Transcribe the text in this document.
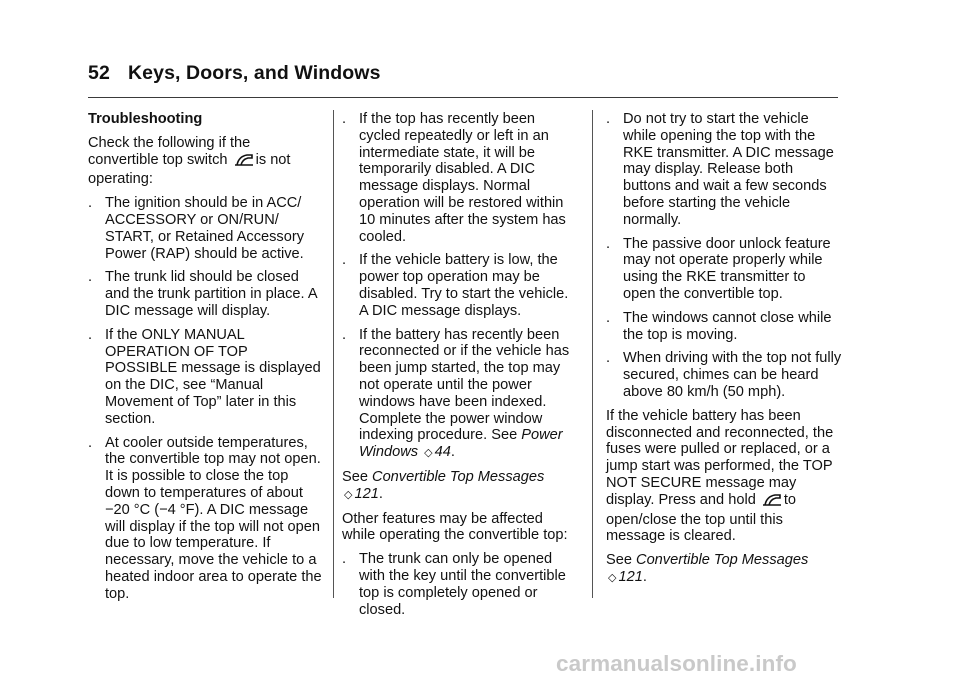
52 Keys, Doors, and Windows
Troubleshooting

Check the following if the
convertible top switch is not
operating:

. The ignition should be in ACC/ ACCESSORY or ON/RUN/ START, or Retained Accessory Power (RAP) should be active.
. The trunk lid should be closed and the trunk partition in place. A DIC message will display.
. If the ONLY MANUAL OPERATION OF TOP POSSIBLE message is displayed on the DIC, see “Manual Movement of Top” later in this section.
. At cooler outside temperatures, the convertible top may not open. It is possible to close the top down to temperatures of about −20 °C (−4 °F). A DIC message will display if the top will not open due to low temperature. If necessary, move the vehicle to a heated indoor area to operate the top.
. If the top has recently been cycled repeatedly or left in an intermediate state, it will be temporarily disabled. A DIC message displays. Normal operation will be restored within 10 minutes after the system has cooled.
. If the vehicle battery is low, the power top operation may be disabled. Try to start the vehicle. A DIC message displays.
. If the battery has recently been reconnected or if the vehicle has been jump started, the top may not operate until the power windows have been indexed. Complete the power window indexing procedure. See Power Windows ◇ 44.

See Convertible Top Messages ◇ 121.

Other features may be affected while operating the convertible top:

. The trunk can only be opened with the key until the convertible top is completely opened or closed.
. Do not try to start the vehicle while opening the top with the RKE transmitter. A DIC message may display. Release both buttons and wait a few seconds before starting the vehicle normally.
. The passive door unlock feature may not operate properly while using the RKE transmitter to open the convertible top.
. The windows cannot close while the top is moving.
. When driving with the top not fully secured, chimes can be heard above 80 km/h (50 mph).

If the vehicle battery has been disconnected and reconnected, the fuses were pulled or replaced, or a jump start was performed, the TOP NOT SECURE message may
display. Press and hold to
open/close the top until this message is cleared.

See Convertible Top Messages ◇ 121.

carmanualsonline.info
